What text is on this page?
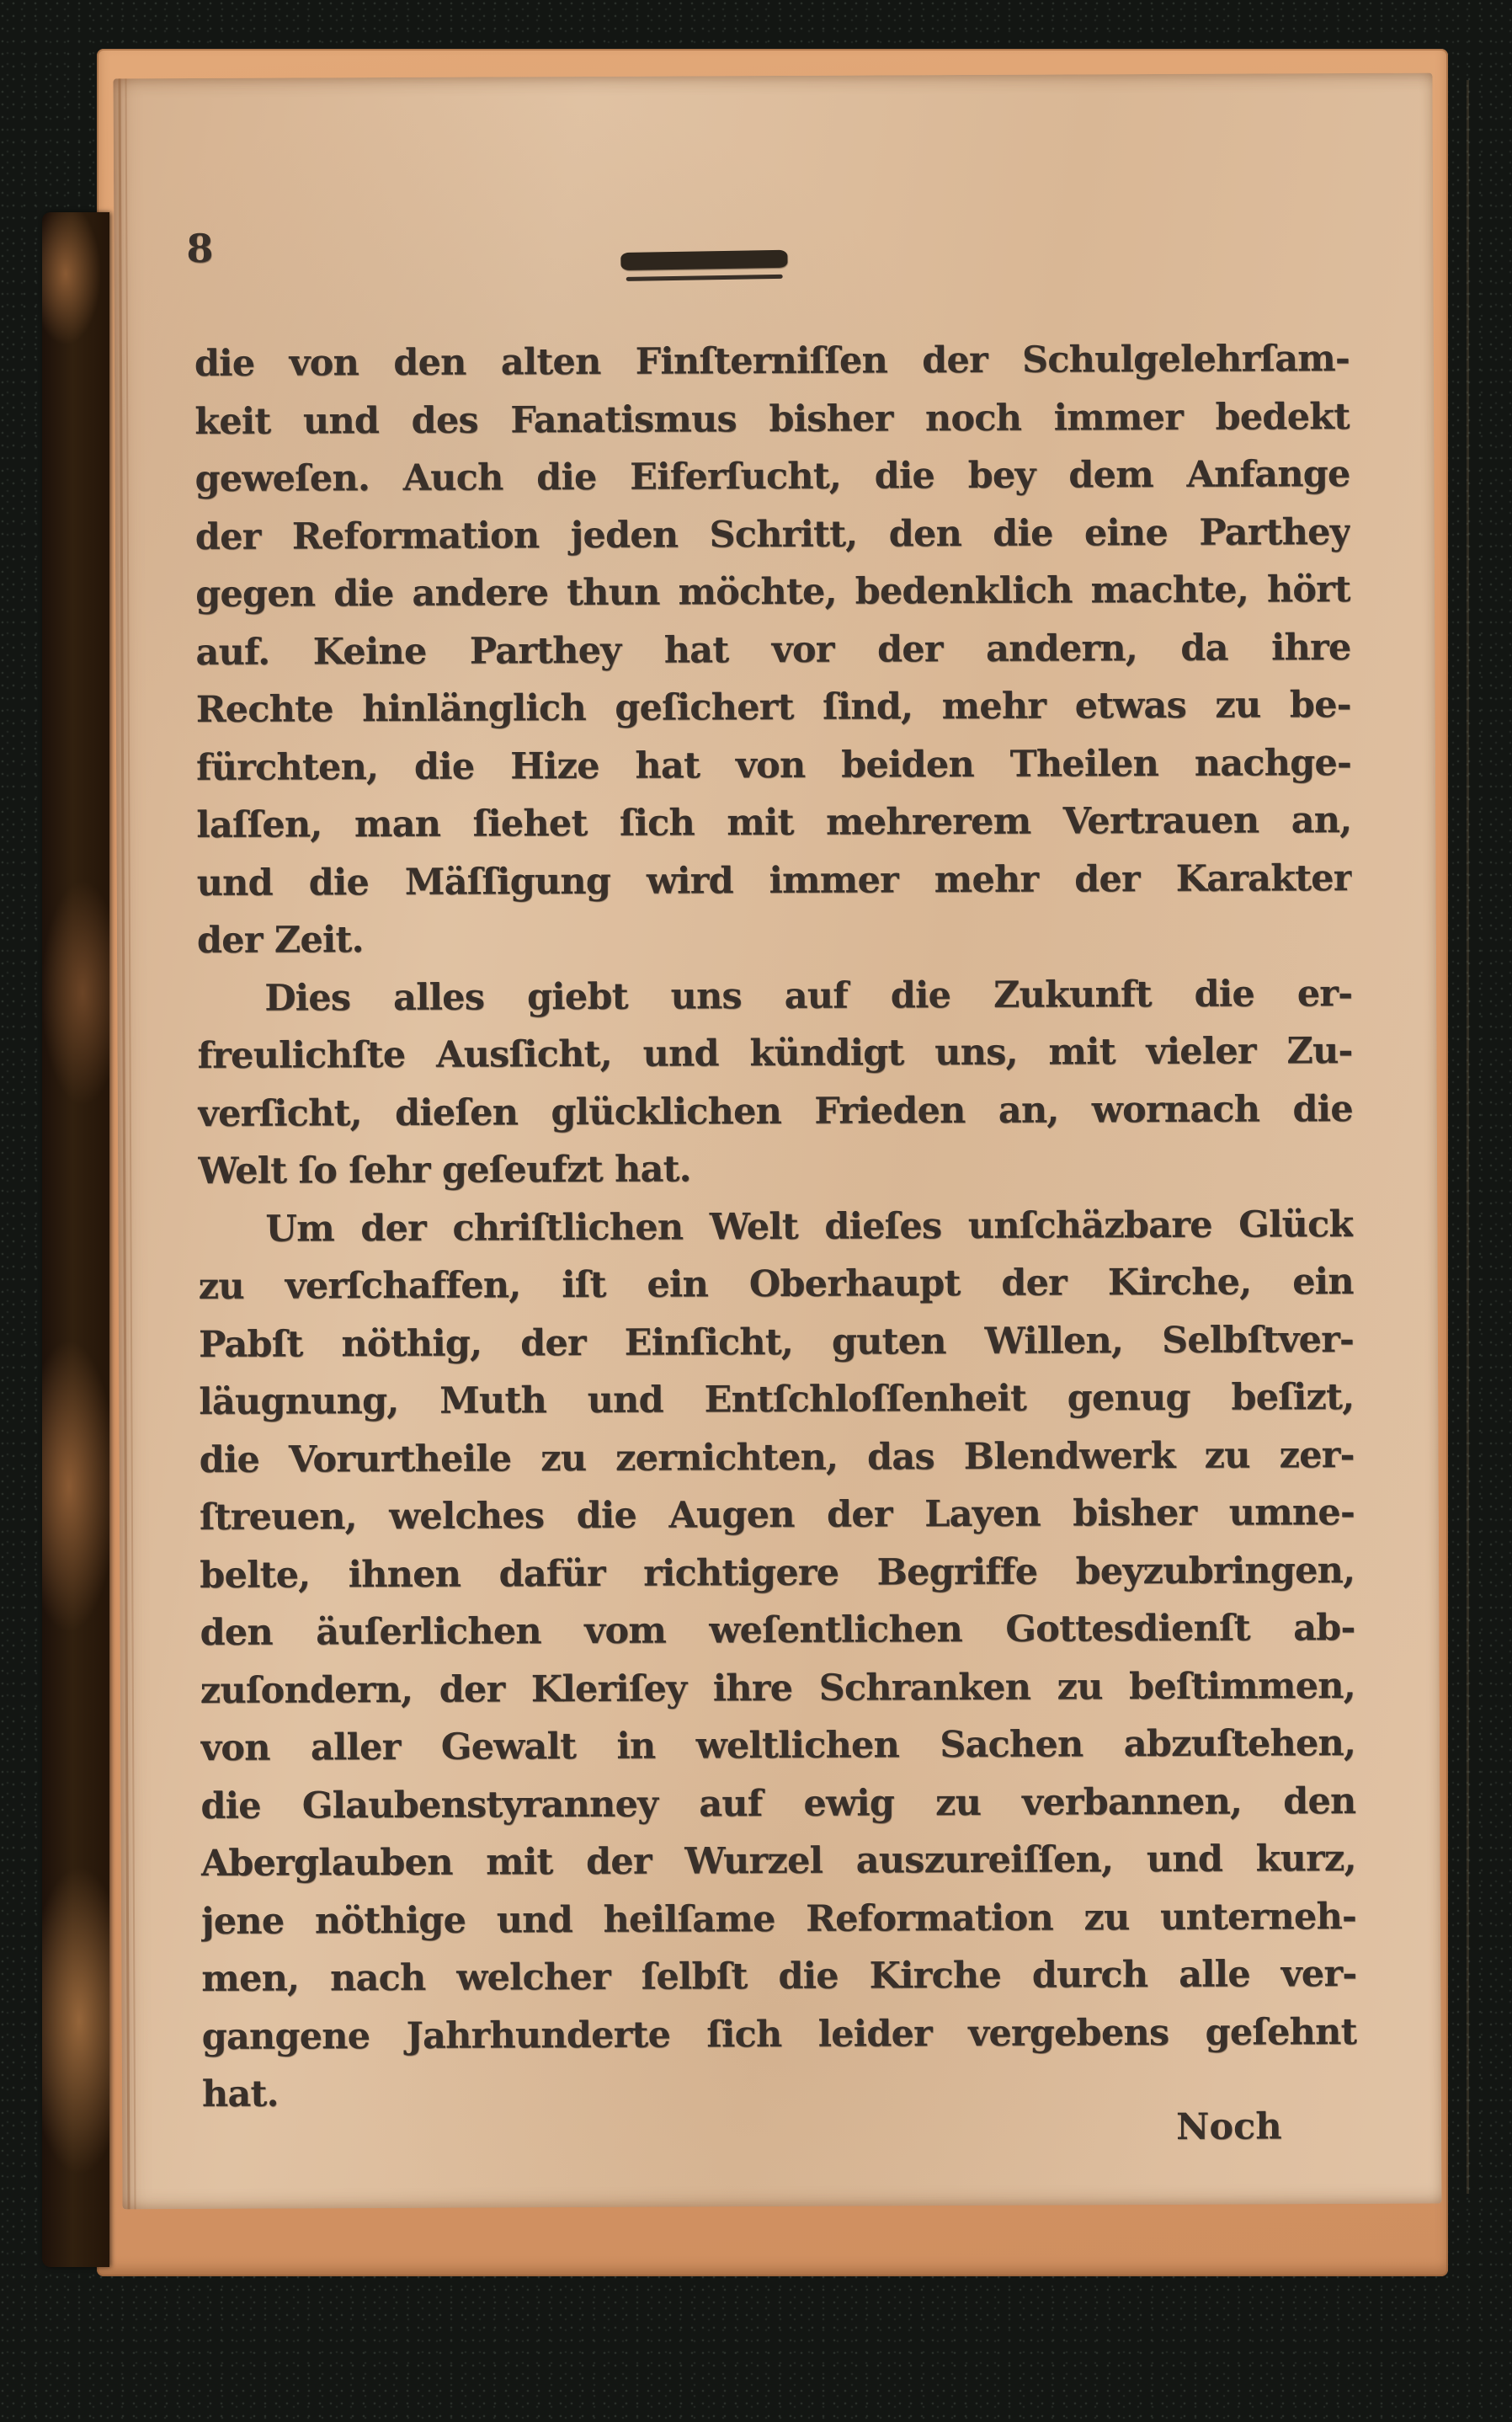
8
die von den alten Finſterniſſen der Schulgelehrſam-
keit und des Fanatismus bisher noch immer bedekt
geweſen. Auch die Eiferſucht, die bey dem Anfange
der Reformation jeden Schritt, den die eine Parthey
gegen die andere thun möchte, bedenklich machte, hört
auf. Keine Parthey hat vor der andern, da ihre
Rechte hinlänglich geſichert ſind, mehr etwas zu be-
fürchten, die Hize hat von beiden Theilen nachge-
laſſen, man ſiehet ſich mit mehrerem Vertrauen an,
und die Mäſſigung wird immer mehr der Karakter
der Zeit.
Dies alles giebt uns auf die Zukunft die er-
freulichſte Ausſicht, und kündigt uns, mit vieler Zu-
verſicht, dieſen glücklichen Frieden an, wornach die
Welt ſo ſehr geſeufzt hat.
Um der chriſtlichen Welt dieſes unſchäzbare Glück
zu verſchaffen, iſt ein Oberhaupt der Kirche, ein
Pabſt nöthig, der Einſicht, guten Willen, Selbſtver-
läugnung, Muth und Entſchloſſenheit genug beſizt,
die Vorurtheile zu zernichten, das Blendwerk zu zer-
ſtreuen, welches die Augen der Layen bisher umne-
belte, ihnen dafür richtigere Begriffe beyzubringen,
den äuſerlichen vom weſentlichen Gottesdienſt ab-
zuſondern, der Kleriſey ihre Schranken zu beſtimmen,
von aller Gewalt in weltlichen Sachen abzuſtehen,
die Glaubenstyranney auf ewig zu verbannen, den
Aberglauben mit der Wurzel auszureiſſen, und kurz,
jene nöthige und heilſame Reformation zu unterneh-
men, nach welcher ſelbſt die Kirche durch alle ver-
gangene Jahrhunderte ſich leider vergebens geſehnt
hat.
Noch
